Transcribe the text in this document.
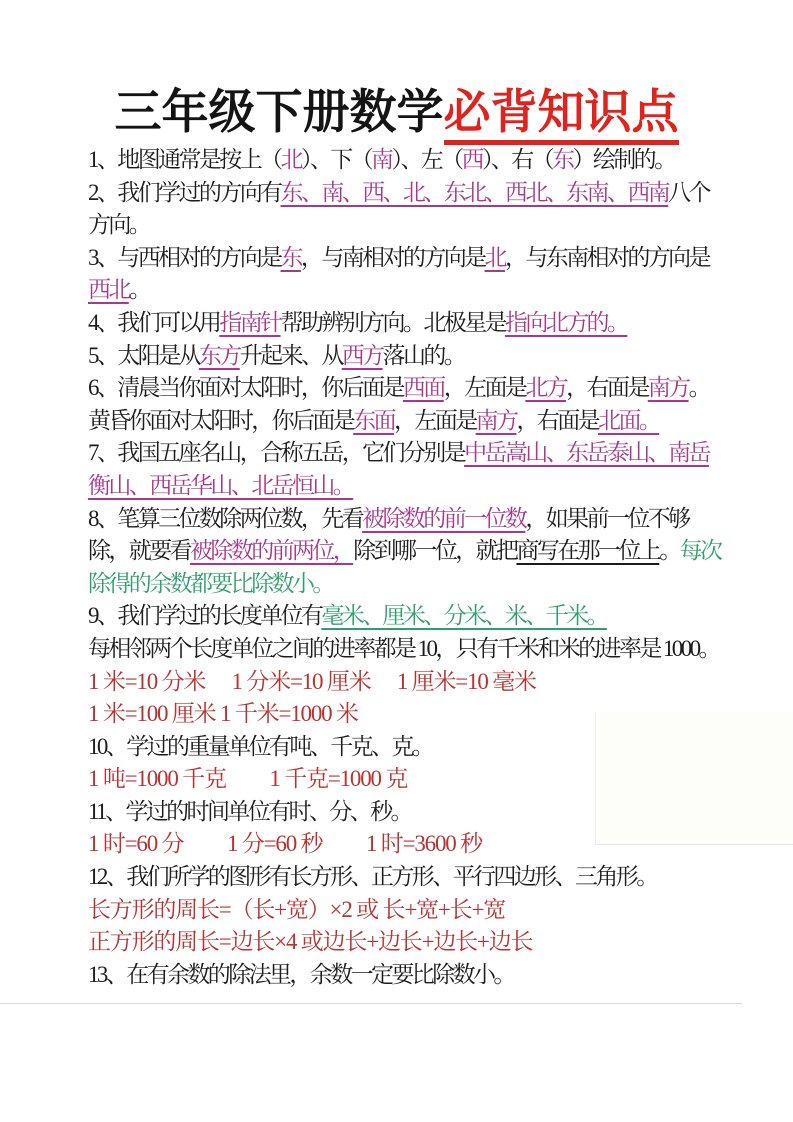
三年级下册数学必背知识点

1、地图通常是按上（北）、下（南）、左（西）、右（东）绘制的。

2、我们学过的方向有东、南、西、北、东北、西北、东南、西南八个方向。

3、与西相对的方向是东，与南相对的方向是北，与东南相对的方向是西北。

4、我们可以用指南针帮助辨别方向。北极星是指向北方的。

5、太阳是从东方升起来、从西方落山的。

6、清晨当你面对太阳时，你后面是西面，左面是北方，右面是南方。黄昏你面对太阳时，你后面是东面，左面是南方，右面是北面。

7、我国五座名山，合称五岳，它们分别是中岳嵩山、东岳泰山、南岳衡山、西岳华山、北岳恒山。

8、笔算三位数除两位数，先看被除数的前一位数，如果前一位不够除，就要看被除数的前两位，除到哪一位，就把商写在那一位上。每次除得的余数都要比除数小。

9、我们学过的长度单位有毫米、厘米、分米、米、千米。

每相邻两个长度单位之间的进率都是 10，只有千米和米的进率是 1000。

1 米=10 分米　 1 分米=10 厘米　 1 厘米=10 毫米

1 米=100 厘米 1 千米=1000 米

10、学过的重量单位有吨、千克、克。

1 吨=1000 千克　　1 千克=1000 克

11、学过的时间单位有时、分、秒。

1 时=60 分　　1 分=60 秒　　1 时=3600 秒

12、我们所学的图形有长方形、正方形、平行四边形、三角形。

长方形的周长=（长+宽）×2 或 长+宽+长+宽

正方形的周长=边长×4 或边长+边长+边长+边长

13、在有余数的除法里，余数一定要比除数小。
